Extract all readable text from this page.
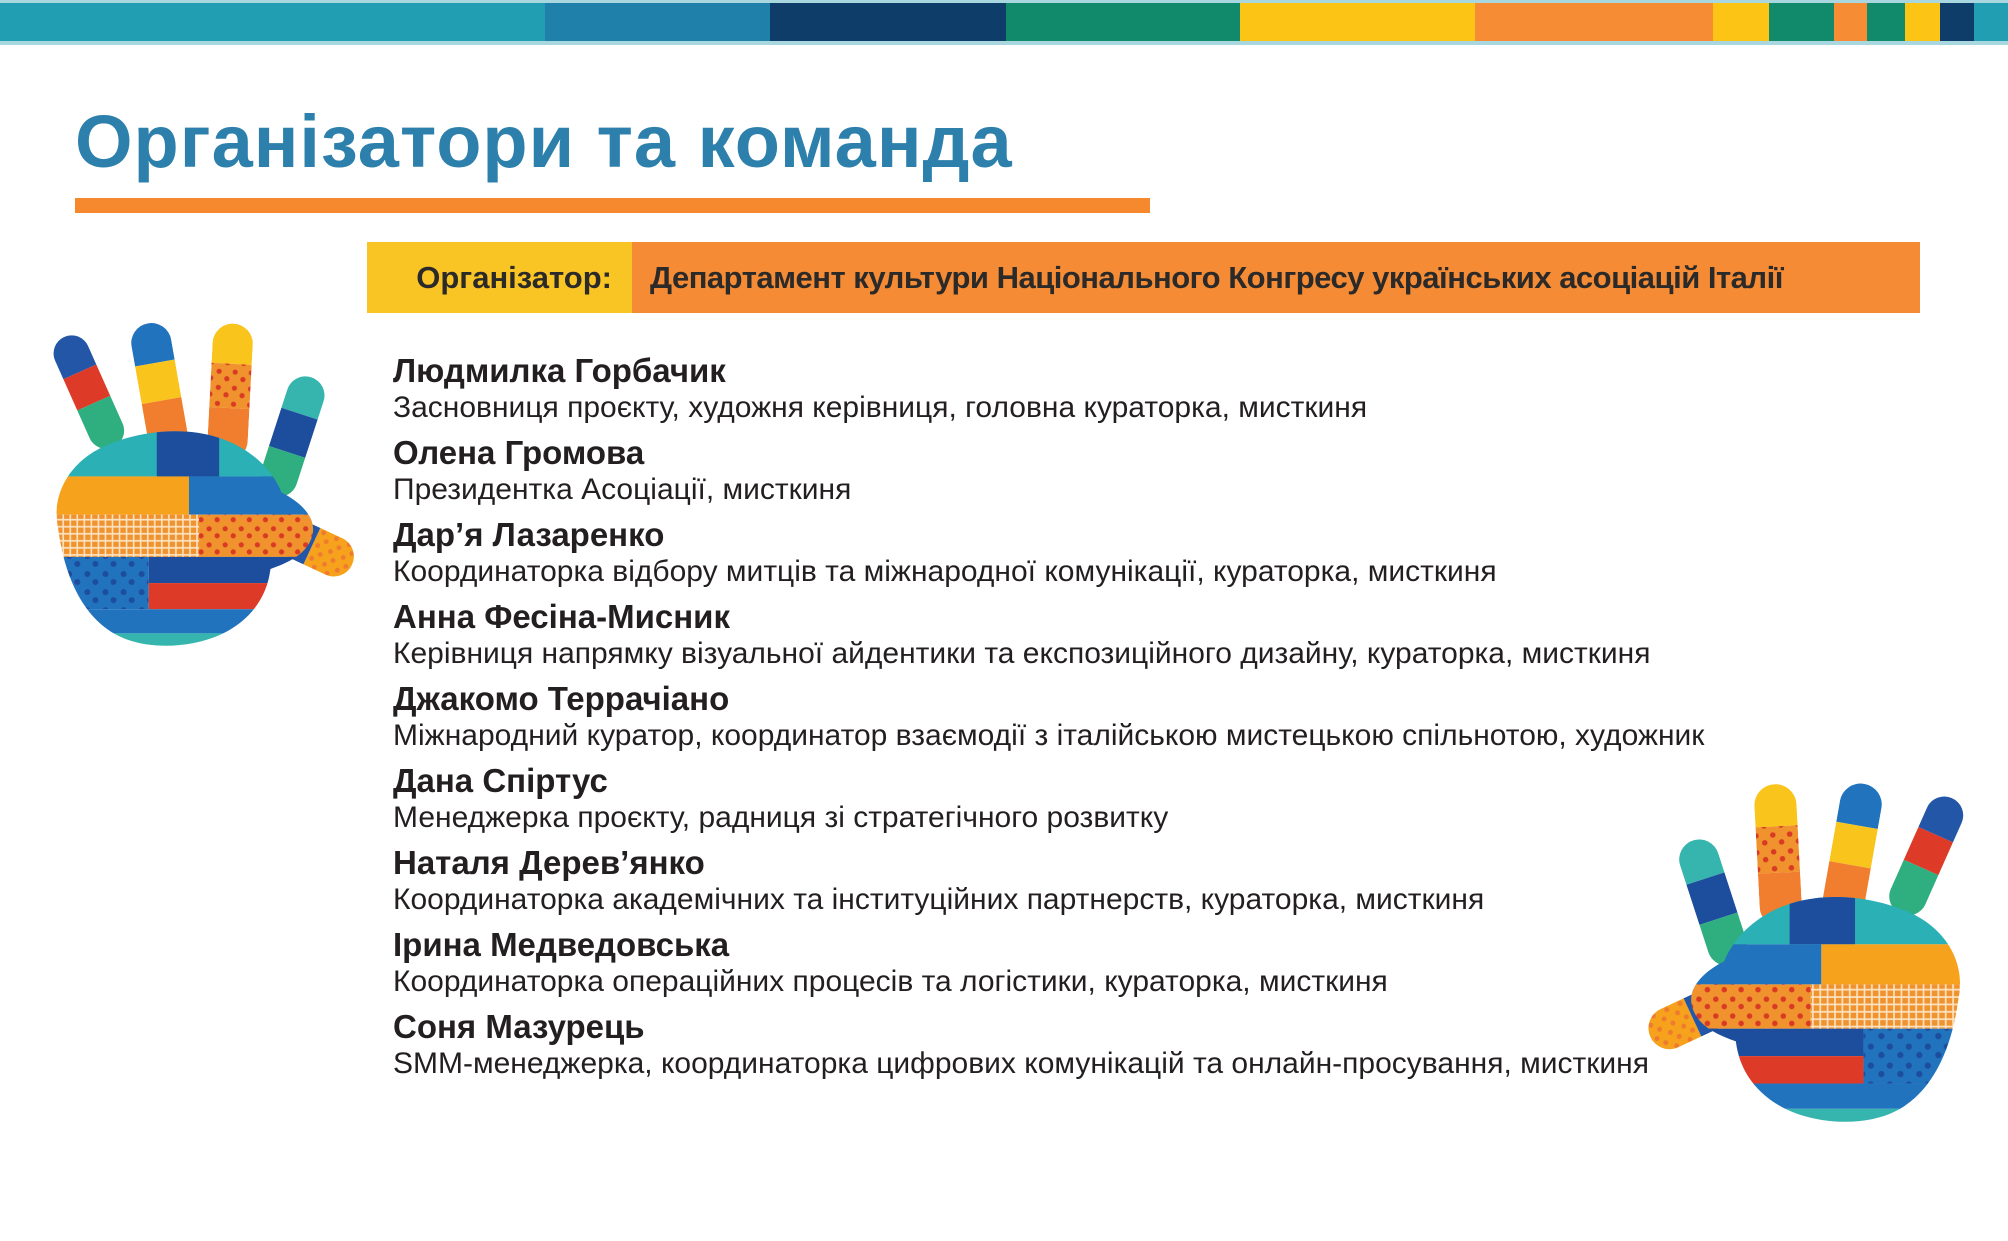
Організатори та команда
Організатор:	Департамент культури Національного Конгресу українських асоціацій Італії
Людмилка Горбачик
Засновниця проєкту, художня керівниця, головна кураторка, мисткиня
Олена Громова
Президентка Асоціації, мисткиня
Дар’я Лазаренко
Координаторка відбору митців та міжнародної комунікації, кураторка, мисткиня
Анна Фесіна-Мисник
Керівниця напрямку візуальної айдентики та експозиційного дизайну, кураторка, мисткиня
Джакомо Террачіано
Міжнародний куратор, координатор взаємодії з італійською мистецькою спільнотою, художник
Дана Спіртус
Менеджерка проєкту, радниця зі стратегічного розвитку
Наталя Дерев’янко
Координаторка академічних та інституційних партнерств, кураторка, мисткиня
Ірина Медведовська
Координаторка операційних процесів та логістики, кураторка, мисткиня
Соня Мазурець
SMM-менеджерка, координаторка цифрових комунікацій та онлайн-просування, мисткиня
